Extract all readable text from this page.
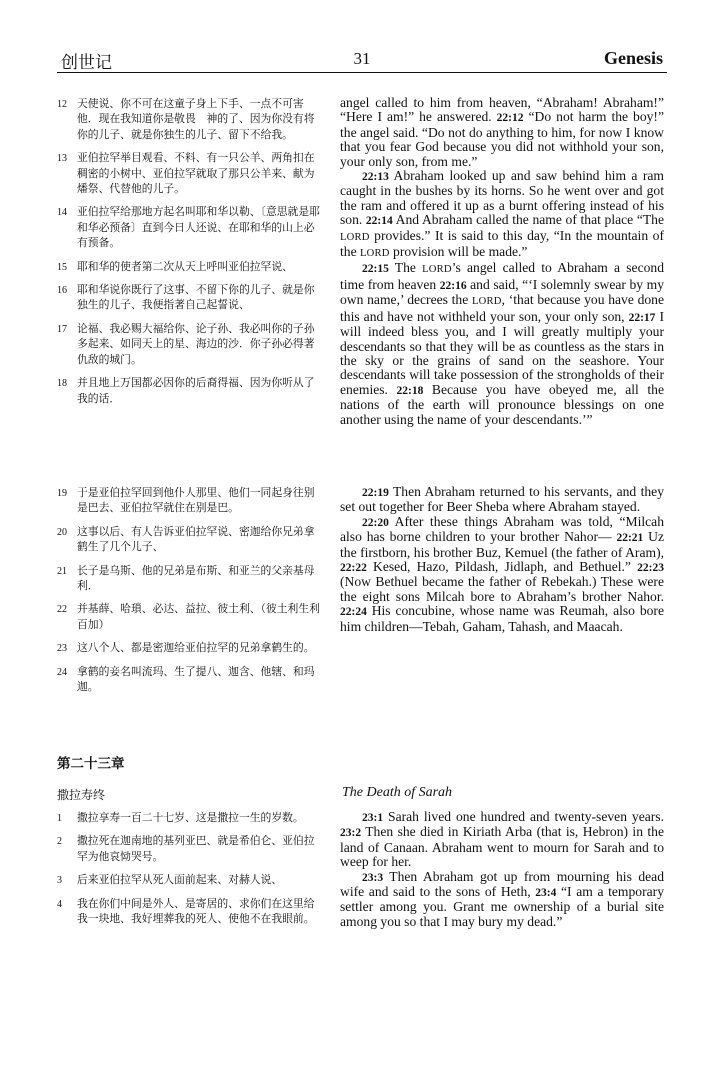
创世记	31	Genesis
12 天使说、你不可在这童子身上下手、一点不可害他．现在我知道你是敬畏　神的了、因为你没有将你的儿子、就是你独生的儿子、留下不给我。
13 亚伯拉罕举目观看、不料、有一只公羊、两角扣在稠密的小树中、亚伯拉罕就取了那只公羊来、献为燔祭、代替他的儿子。
14 亚伯拉罕给那地方起名叫耶和华以勒、〔意思就是耶和华必预备〕直到今日人还说、在耶和华的山上必有预备。
15 耶和华的使者第二次从天上呼叫亚伯拉罕说、
16 耶和华说你既行了这事、不留下你的儿子、就是你独生的儿子、我便指著自己起誓说、
17 论福、我必赐大福给你、论子孙、我必叫你的子孙多起来、如同天上的星、海边的沙．你子孙必得著仇敌的城门。
18 并且地上万国都必因你的后裔得福、因为你听从了我的话．

angel called to him from heaven, “Abraham! Abraham!” “Here I am!” he answered. 22:12 “Do not harm the boy!” the angel said. “Do not do anything to him, for now I know that you fear God because you did not withhold your son, your only son, from me.”

22:13 Abraham looked up and saw behind him a ram caught in the bushes by its horns. So he went over and got the ram and offered it up as a burnt offering instead of his son. 22:14 And Abraham called the name of that place “The LORD provides.” It is said to this day, “In the mountain of the LORD provision will be made.”

22:15 The LORD’s angel called to Abraham a second time from heaven 22:16 and said, “‘I solemnly swear by my own name,’ decrees the LORD, ‘that because you have done this and have not withheld your son, your only son, 22:17 I will indeed bless you, and I will greatly multiply your descendants so that they will be as countless as the stars in the sky or the grains of sand on the seashore. Your descendants will take possession of the strongholds of their enemies. 22:18 Because you have obeyed me, all the nations of the earth will pronounce blessings on one another using the name of your descendants.’”

19 于是亚伯拉罕回到他仆人那里、他们一同起身往别是巴去、亚伯拉罕就住在别是巴。
20 这事以后、有人告诉亚伯拉罕说、密迦给你兄弟拿鹤生了几个儿子、
21 长子是乌斯、他的兄弟是布斯、和亚兰的父亲基母利．
22 并基薛、哈瑣、必达、益拉、彼土利、（彼土利生利百加）
23 这八个人、都是密迦给亚伯拉罕的兄弟拿鹤生的。
24 拿鹤的妾名叫流玛、生了提八、迦含、他辖、和玛迦。

22:19 Then Abraham returned to his servants, and they set out together for Beer Sheba where Abraham stayed.

22:20 After these things Abraham was told, “Milcah also has borne children to your brother Nahor— 22:21 Uz the firstborn, his brother Buz, Kemuel (the father of Aram), 22:22 Kesed, Hazo, Pildash, Jidlaph, and Bethuel.” 22:23 (Now Bethuel became the father of Rebekah.) These were the eight sons Milcah bore to Abraham’s brother Nahor. 22:24 His concubine, whose name was Reumah, also bore him children—Tebah, Gaham, Tahash, and Maacah.

第二十三章
撒拉寿终	The Death of Sarah
1 撒拉享寿一百二十七岁、这是撒拉一生的岁数。
2 撒拉死在迦南地的基列亚巴、就是希伯仑、亚伯拉罕为他哀恸哭号。
3 后来亚伯拉罕从死人面前起来、对赫人说、
4 我在你们中间是外人、是寄居的、求你们在这里给我一块地、我好埋葬我的死人、使他不在我眼前。

23:1 Sarah lived one hundred and twenty-seven years. 23:2 Then she died in Kiriath Arba (that is, Hebron) in the land of Canaan. Abraham went to mourn for Sarah and to weep for her.

23:3 Then Abraham got up from mourning his dead wife and said to the sons of Heth, 23:4 “I am a temporary settler among you. Grant me ownership of a burial site among you so that I may bury my dead.”
